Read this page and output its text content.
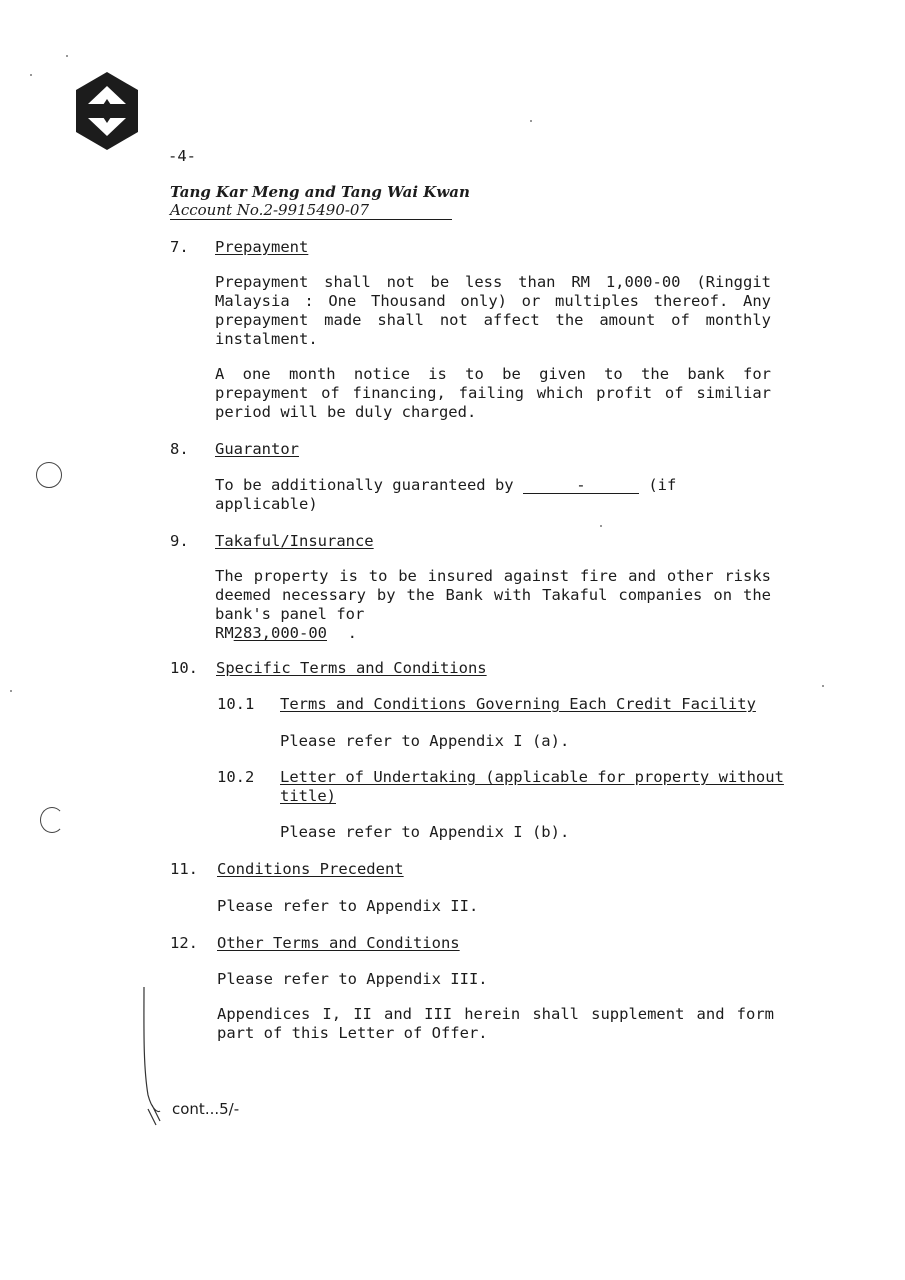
-4-
Tang Kar Meng and Tang Wai Kwan
Account No.2-9915490-07
7. Prepayment

Prepayment shall not be less than RM 1,000-00 (Ringgit Malaysia : One Thousand only) or multiples thereof. Any prepayment made shall not affect the amount of monthly instalment.

A one month notice is to be given to the bank for prepayment of financing, failing which profit of similiar period will be duly charged.

8. Guarantor
To be additionally guaranteed by	-	(if applicable)
9. Takaful/Insurance

The property is to be insured against fire and other risks deemed necessary by the Bank with Takaful companies on the bank's panel for

RM283,000-00 .

10. Specific Terms and Conditions
10.1 Terms and Conditions Governing Each Credit Facility
Please refer to Appendix I (a).
10.2 Letter of Undertaking (applicable for property without
title)
Please refer to Appendix I (b).
11. Conditions Precedent
Please refer to Appendix II.
12. Other Terms and Conditions
Please refer to Appendix III.

Appendices I, II and III herein shall supplement and form part of this Letter of Offer.

cont...5/-
